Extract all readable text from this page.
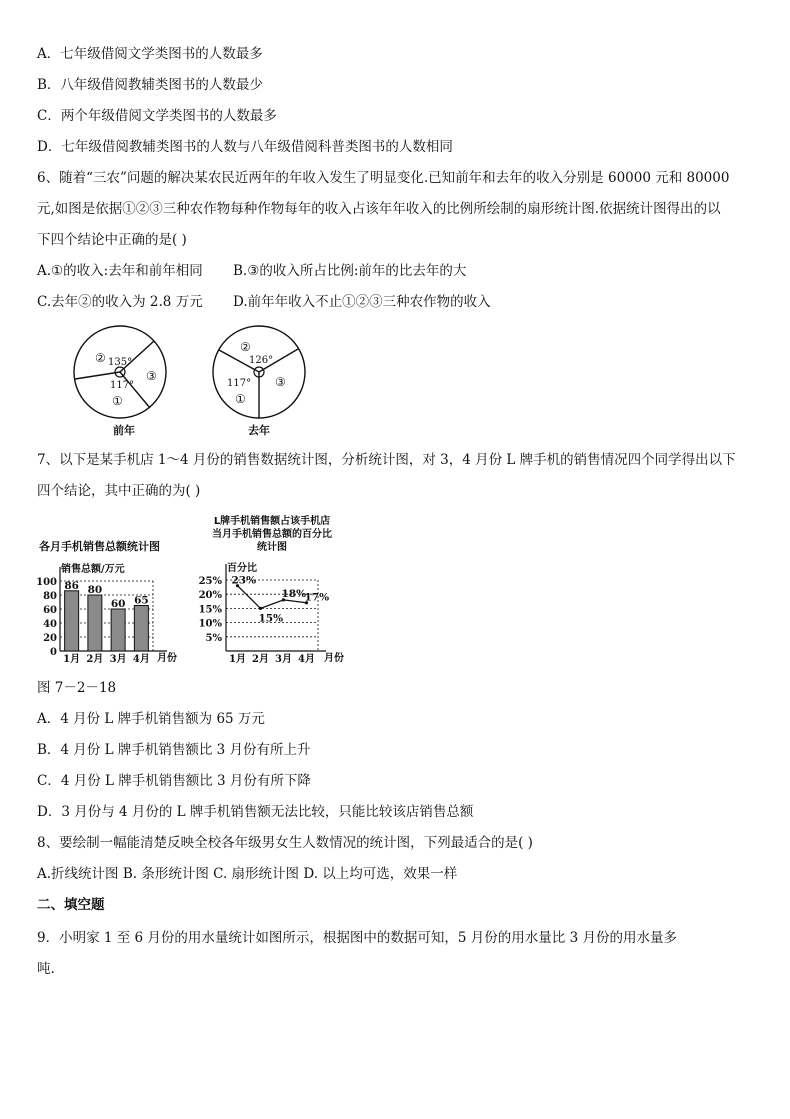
A．七年级借阅文学类图书的人数最多
B．八年级借阅教辅类图书的人数最少
C．两个年级借阅文学类图书的人数最多
D．七年级借阅教辅类图书的人数与八年级借阅科普类图书的人数相同
6、随着“三农”问题的解决某农民近两年的年收入发生了明显变化.已知前年和去年的收入分别是 60000 元和 80000
元,如图是依据①②③三种农作物每种作物每年的收入占该年年收入的比例所绘制的扇形统计图.依据统计图得出的以
下四个结论中正确的是( )
A.①的收入:去年和前年相同	B.③的收入所占比例:前年的比去年的大
C.去年②的收入为 2.8 万元	D.前年年收入不止①②③三种农作物的收入
② 135°
③
117°
①
前年
②
126°
③
117°
①
去年
7、以下是某手机店 1～4 月份的销售数据统计图，分析统计图，对 3，4 月份 L 牌手机的销售情况四个同学得出以下
四个结论，其中正确的为( )
各月手机销售总额统计图
销售总额/万元
86 80
60 65
0
20
40
60
80
100
1月 2月 3月 4月 月份
L牌手机销售额占该手机店
当月手机销售总额的百分比
统计图
百分比
5%
10%
15%
20%
25% 23%
15%
18%
17%
1月 2月 3月 4月 月份
图 7－2－18
A．4 月份 L 牌手机销售额为 65 万元
B．4 月份 L 牌手机销售额比 3 月份有所上升
C．4 月份 L 牌手机销售额比 3 月份有所下降
D．3 月份与 4 月份的 L 牌手机销售额无法比较，只能比较该店销售总额
8、要绘制一幅能清楚反映全校各年级男女生人数情况的统计图，下列最适合的是( )
A.折线统计图 B. 条形统计图 C. 扇形统计图 D. 以上均可选，效果一样
二、填空题
9．小明家 1 至 6 月份的用水量统计如图所示，根据图中的数据可知，5 月份的用水量比 3 月份的用水量多
吨.
